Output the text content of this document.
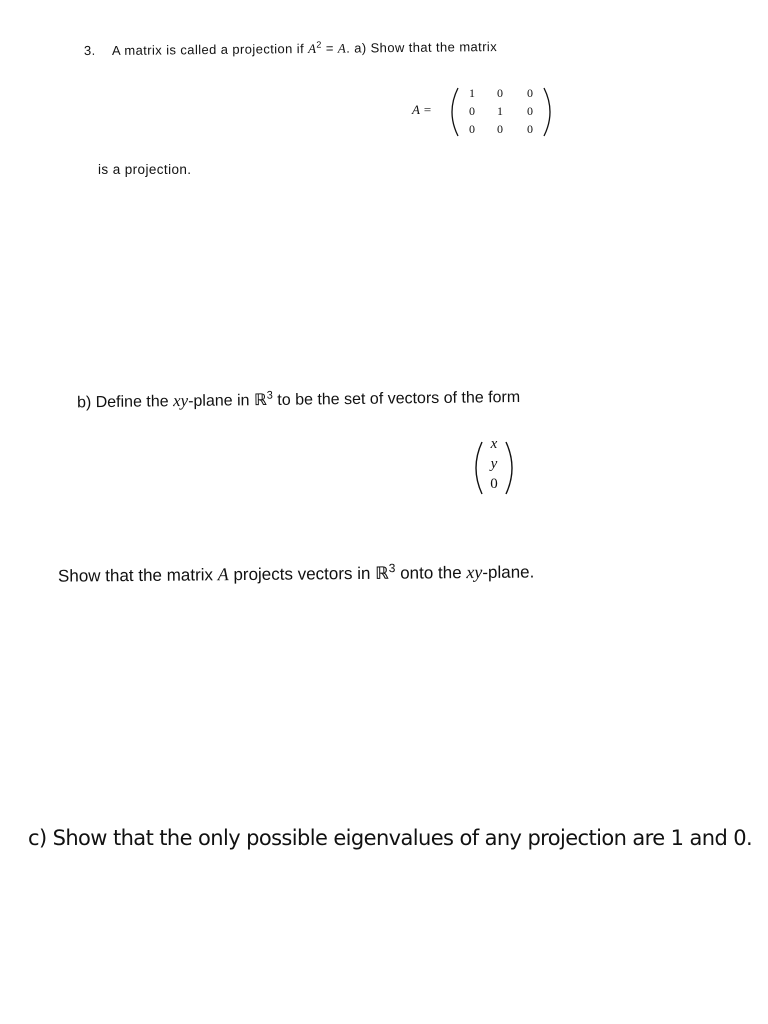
3. A matrix is called a projection if $A^2 = A$. a) Show that the matrix
A =
1 0 0
0 1 0
0 0 0
is a projection.
b) Define the xy-plane in ℝ$^3$ to be the set of vectors of the form
x
y
0
Show that the matrix A projects vectors in ℝ$^3$ onto the xy-plane.
c) Show that the only possible eigenvalues of any projection are 1 and 0.
